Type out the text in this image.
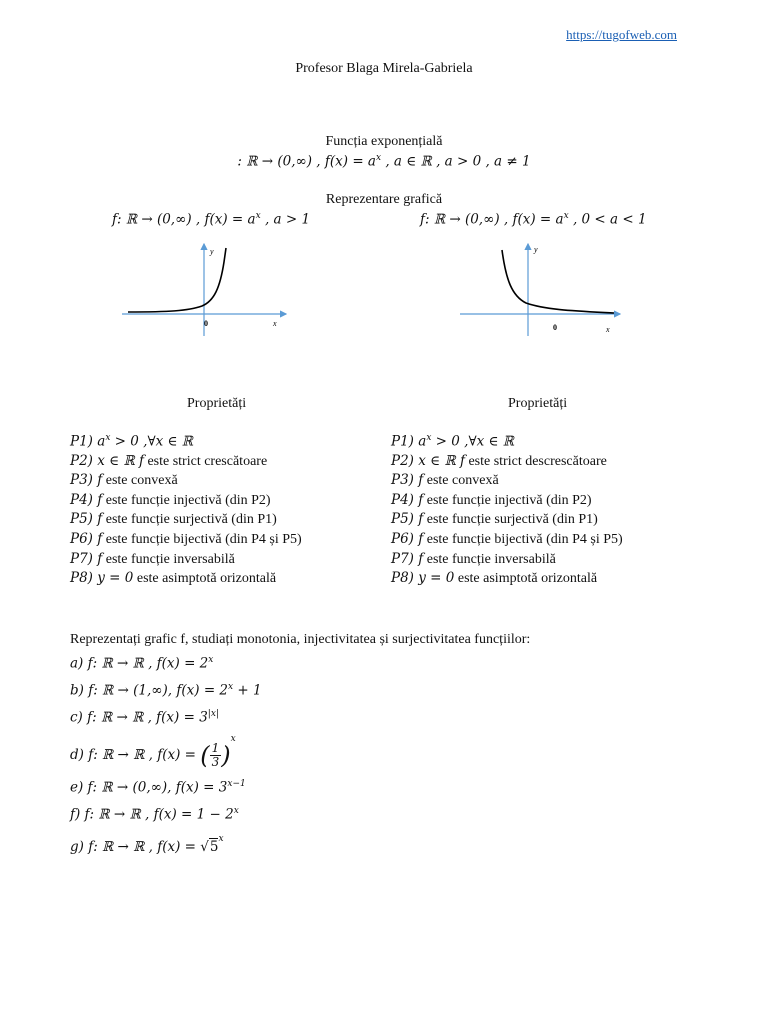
https://tugofweb.com
Profesor Blaga Mirela-Gabriela
Funcția exponențială
: ℝ → (0,∞) , $f(x) = a^x$ , a ∈ ℝ , a > 0 , a ≠ 1
Reprezentare grafică
f: ℝ → (0,∞) , $f(x) = a^x$ , a > 1	f: ℝ → (0,∞) , $f(x) = a^x$ , 0 < a < 1
y
x
0
y
x
0
Proprietăți	Proprietăți
P1) $a^x > 0$ ,∀x ∈ ℝ
P2) x ∈ ℝ f este strict crescătoare
P3) f este convexă
P4) f este funcție injectivă (din P2)
P5) f este funcție surjectivă (din P1)
P6) f este funcție bijectivă (din P4 și P5)
P7) f este funcție inversabilă
P8) y = 0 este asimptotă orizontală
P1) $a^x > 0$ ,∀x ∈ ℝ
P2) x ∈ ℝ f este strict descrescătoare
P3) f este convexă
P4) f este funcție injectivă (din P2)
P5) f este funcție surjectivă (din P1)
P6) f este funcție bijectivă (din P4 și P5)
P7) f este funcție inversabilă
P8) y = 0 este asimptotă orizontală
Reprezentați grafic f, studiați monotonia, injectivitatea și surjectivitatea funcțiilor:
a) f: ℝ → ℝ , $f(x) = 2^x$
b) f: ℝ → (1,∞), $f(x) = 2^x + 1$
c) f: ℝ → ℝ , $f(x) = 3^{|x|}$
d) f: ℝ → ℝ , f(x) = ( $\frac{1}{3} )^x$
e) f: ℝ → (0,∞), $f(x) = 3^{x-1}$
f) f: ℝ → ℝ , $f(x) = 1 - 2^x$
g) f: ℝ → ℝ , $f(x) = √5^x$
